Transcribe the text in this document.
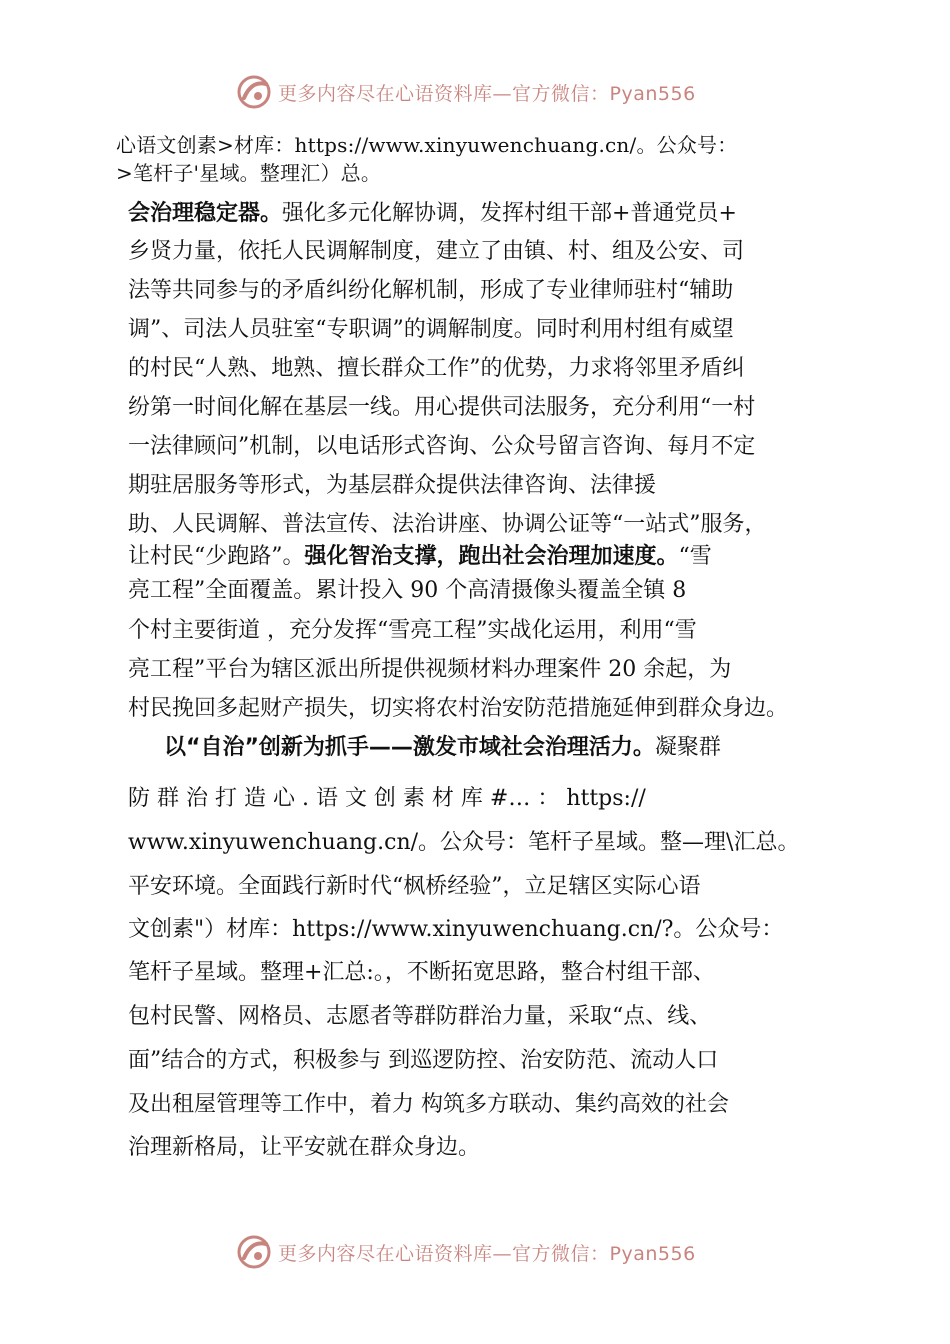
更多内容尽在心语资料库—官方微信：Pyan556
心语文创素>材库：https://www.xinyuwenchuang.cn/。公众号：
>笔杆子'星域。整理汇）总。
会治理稳定器。强化多元化解协调，发挥村组干部+普通党员+
乡贤力量，依托人民调解制度，建立了由镇、村、组及公安、司
法等共同参与的矛盾纠纷化解机制，形成了专业律师驻村“辅助
调”、司法人员驻室“专职调”的调解制度。同时利用村组有威望
的村民“人熟、地熟、擅长群众工作”的优势，力求将邻里矛盾纠
纷第一时间化解在基层一线。用心提供司法服务，充分利用“一村
一法律顾问”机制，以电话形式咨询、公众号留言咨询、每月不定
期驻居服务等形式，为基层群众提供法律咨询、法律援
助、人民调解、普法宣传、法治讲座、协调公证等“一站式”服务，
让村民“少跑路”。强化智治支撑，跑出社会治理加速度。“雪
亮工程”全面覆盖。累计投入 90 个高清摄像头覆盖全镇 8
个村主要街道 ，充分发挥“雪亮工程”实战化运用，利用“雪
亮工程”平台为辖区派出所提供视频材料办理案件 20 余起，为
村民挽回多起财产损失，切实将农村治安防范措施延伸到群众身边。
以“自治”创新为抓手——激发市域社会治理活力。凝聚群
防 群 治 打 造 心 . 语 文 创 素 材 库 #… ： https://
www.xinyuwenchuang.cn/。公众号：笔杆子星域。整—理\汇总。
平安环境。全面践行新时代“枫桥经验”，立足辖区实际心语
文创素"）材库：https://www.xinyuwenchuang.cn/?。公众号：
笔杆子星域。整理+汇总:。，不断拓宽思路，整合村组干部、
包村民警、网格员、志愿者等群防群治力量，采取“点、线、
面”结合的方式，积极参与 到巡逻防控、治安防范、流动人口
及出租屋管理等工作中，着力 构筑多方联动、集约高效的社会
治理新格局，让平安就在群众身边。
更多内容尽在心语资料库—官方微信：Pyan556
